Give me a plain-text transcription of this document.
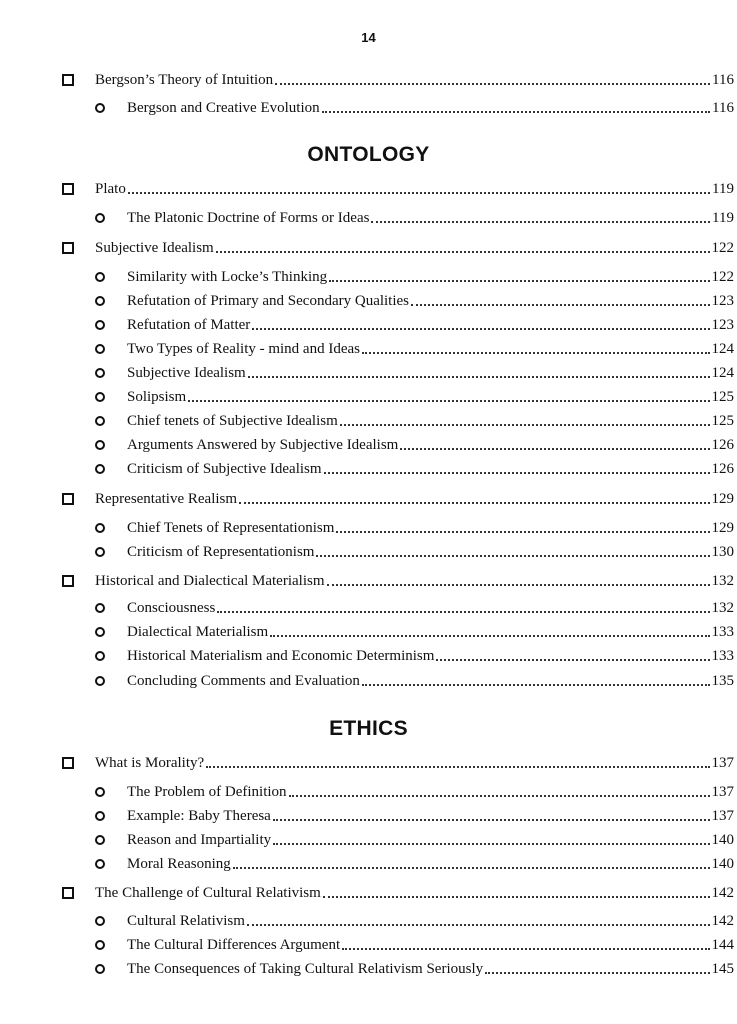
14
Bergson’s Theory of Intuition	116
Bergson and Creative Evolution	116
ONTOLOGY
Plato	119
The Platonic Doctrine of Forms or Ideas	119
Subjective Idealism	122
Similarity with Locke’s Thinking	122
Refutation of Primary and Secondary Qualities	123
Refutation of Matter	123
Two Types of Reality - mind and Ideas	124
Subjective Idealism	124
Solipsism	125
Chief tenets of Subjective Idealism	125
Arguments Answered by Subjective Idealism	126
Criticism of Subjective Idealism	126
Representative Realism	129
Chief Tenets of Representationism	129
Criticism of Representationism	130
Historical and Dialectical Materialism	132
Consciousness	132
Dialectical Materialism	133
Historical Materialism and Economic Determinism	133
Concluding Comments and Evaluation	135
ETHICS
What is Morality?	137
The Problem of Definition	137
Example: Baby Theresa	137
Reason and Impartiality	140
Moral Reasoning	140
The Challenge of Cultural Relativism	142
Cultural Relativism	142
The Cultural Differences Argument	144
The Consequences of Taking Cultural Relativism Seriously	145
